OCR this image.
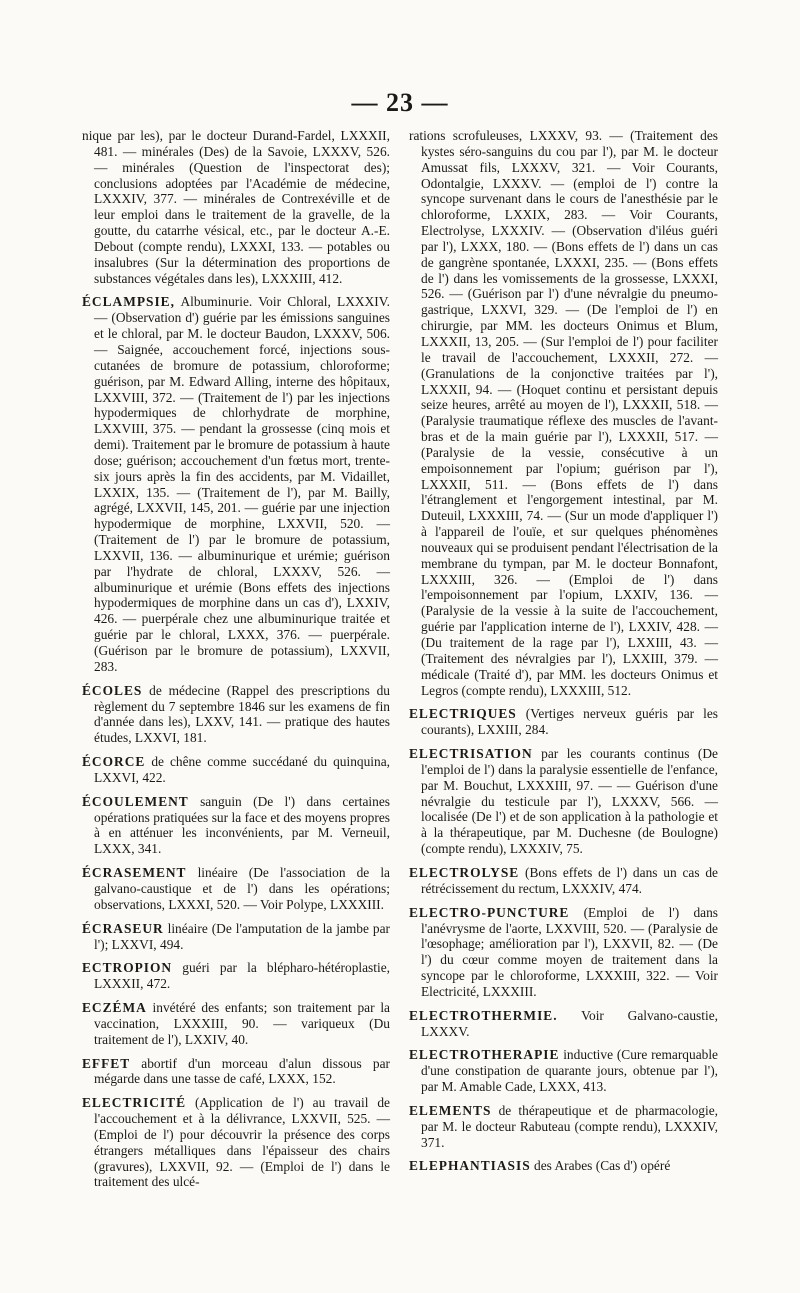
— 23 —

nique par les), par le docteur Durand-Fardel, LXXXII, 481. — minérales (Des) de la Savoie, LXXXV, 526. — minérales (Question de l'inspectorat des); conclusions adoptées par l'Académie de médecine, LXXXIV, 377. — minérales de Contrexéville et de leur emploi dans le traitement de la gravelle, de la goutte, du catarrhe vésical, etc., par le docteur A.-E. Debout (compte rendu), LXXXI, 133. — potables ou insalubres (Sur la détermination des proportions de substances végétales dans les), LXXXIII, 412.

ÉCLAMPSIE, Albuminurie. Voir Chloral, LXXXIV. — (Observation d') guérie par les émissions sanguines et le chloral, par M. le docteur Baudon, LXXXV, 506. — Saignée, accouchement forcé, injections sous-cutanées de bromure de potassium, chloroforme; guérison, par M. Edward Alling, interne des hôpitaux, LXXVIII, 372. — (Traitement de l') par les injections hypodermiques de chlorhydrate de morphine, LXXVIII, 375. — pendant la grossesse (cinq mois et demi). Traitement par le bromure de potassium à haute dose; guérison; accouchement d'un fœtus mort, trente-six jours après la fin des accidents, par M. Vidaillet, LXXIX, 135. — (Traitement de l'), par M. Bailly, agrégé, LXXVII, 145, 201. — guérie par une injection hypodermique de morphine, LXXVII, 520. — (Traitement de l') par le bromure de potassium, LXXVII, 136. — albuminurique et urémie; guérison par l'hydrate de chloral, LXXXV, 526. — albuminurique et urémie (Bons effets des injections hypodermiques de morphine dans un cas d'), LXXIV, 426. — puerpérale chez une albuminurique traitée et guérie par le chloral, LXXX, 376. — puerpérale. (Guérison par le bromure de potassium), LXXVII, 283.

ÉCOLES de médecine (Rappel des prescriptions du règlement du 7 septembre 1846 sur les examens de fin d'année dans les), LXXV, 141. — pratique des hautes études, LXXVI, 181.

ÉCORCE de chêne comme succédané du quinquina, LXXVI, 422.

ÉCOULEMENT sanguin (De l') dans certaines opérations pratiquées sur la face et des moyens propres à en atténuer les inconvénients, par M. Verneuil, LXXX, 341.

ÉCRASEMENT linéaire (De l'association de la galvano-caustique et de l') dans les opérations; observations, LXXXI, 520. — Voir Polype, LXXXIII.

ÉCRASEUR linéaire (De l'amputation de la jambe par l'); LXXVI, 494.

ECTROPION guéri par la blépharo-hétéroplastie, LXXXII, 472.

ECZÉMA invétéré des enfants; son traitement par la vaccination, LXXXIII, 90. — variqueux (Du traitement de l'), LXXIV, 40.

EFFET abortif d'un morceau d'alun dissous par mégarde dans une tasse de café, LXXX, 152.

ELECTRICITÉ (Application de l') au travail de l'accouchement et à la délivrance, LXXVII, 525. — (Emploi de l') pour découvrir la présence des corps étrangers métalliques dans l'épaisseur des chairs (gravures), LXXVII, 92. — (Emploi de l') dans le traitement des ulcé-

rations scrofuleuses, LXXXV, 93. — (Traitement des kystes séro-sanguins du cou par l'), par M. le docteur Amussat fils, LXXXV, 321. — Voir Courants, Odontalgie, LXXXV. — (emploi de l') contre la syncope survenant dans le cours de l'anesthésie par le chloroforme, LXXIX, 283. — Voir Courants, Electrolyse, LXXXIV. — (Observation d'iléus guéri par l'), LXXX, 180. — (Bons effets de l') dans un cas de gangrène spontanée, LXXXI, 235. — (Bons effets de l') dans les vomissements de la grossesse, LXXXI, 526. — (Guérison par l') d'une névralgie du pneumo-gastrique, LXXVI, 329. — (De l'emploi de l') en chirurgie, par MM. les docteurs Onimus et Blum, LXXXII, 13, 205. — (Sur l'emploi de l') pour faciliter le travail de l'accouchement, LXXXII, 272. — (Granulations de la conjonctive traitées par l'), LXXXII, 94. — (Hoquet continu et persistant depuis seize heures, arrêté au moyen de l'), LXXXII, 518. — (Paralysie traumatique réflexe des muscles de l'avant-bras et de la main guérie par l'), LXXXII, 517. — (Paralysie de la vessie, consécutive à un empoisonnement par l'opium; guérison par l'), LXXXII, 511. — (Bons effets de l') dans l'étranglement et l'engorgement intestinal, par M. Duteuil, LXXXIII, 74. — (Sur un mode d'appliquer l') à l'appareil de l'ouïe, et sur quelques phénomènes nouveaux qui se produisent pendant l'électrisation de la membrane du tympan, par M. le docteur Bonnafont, LXXXIII, 326. — (Emploi de l') dans l'empoisonnement par l'opium, LXXIV, 136. — (Paralysie de la vessie à la suite de l'accouchement, guérie par l'application interne de l'), LXXIV, 428. — (Du traitement de la rage par l'), LXXIII, 43. — (Traitement des névralgies par l'), LXXIII, 379. — médicale (Traité d'), par MM. les docteurs Onimus et Legros (compte rendu), LXXXIII, 512.

ELECTRIQUES (Vertiges nerveux guéris par les courants), LXXIII, 284.

ELECTRISATION par les courants continus (De l'emploi de l') dans la paralysie essentielle de l'enfance, par M. Bouchut, LXXXIII, 97. — — Guérison d'une névralgie du testicule par l'), LXXXV, 566. — localisée (De l') et de son application à la pathologie et à la thérapeutique, par M. Duchesne (de Boulogne) (compte rendu), LXXXIV, 75.

ELECTROLYSE (Bons effets de l') dans un cas de rétrécissement du rectum, LXXXIV, 474.

ELECTRO-PUNCTURE (Emploi de l') dans l'anévrysme de l'aorte, LXXVIII, 520. — (Paralysie de l'œsophage; amélioration par l'), LXXVII, 82. — (De l') du cœur comme moyen de traitement dans la syncope par le chloroforme, LXXXIII, 322. — Voir Electricité, LXXXIII.

ELECTROTHERMIE. Voir Galvano-caustie, LXXXV.

ELECTROTHERAPIE inductive (Cure remarquable d'une constipation de quarante jours, obtenue par l'), par M. Amable Cade, LXXX, 413.

ELEMENTS de thérapeutique et de pharmacologie, par M. le docteur Rabuteau (compte rendu), LXXXIV, 371.

ELEPHANTIASIS des Arabes (Cas d') opéré
